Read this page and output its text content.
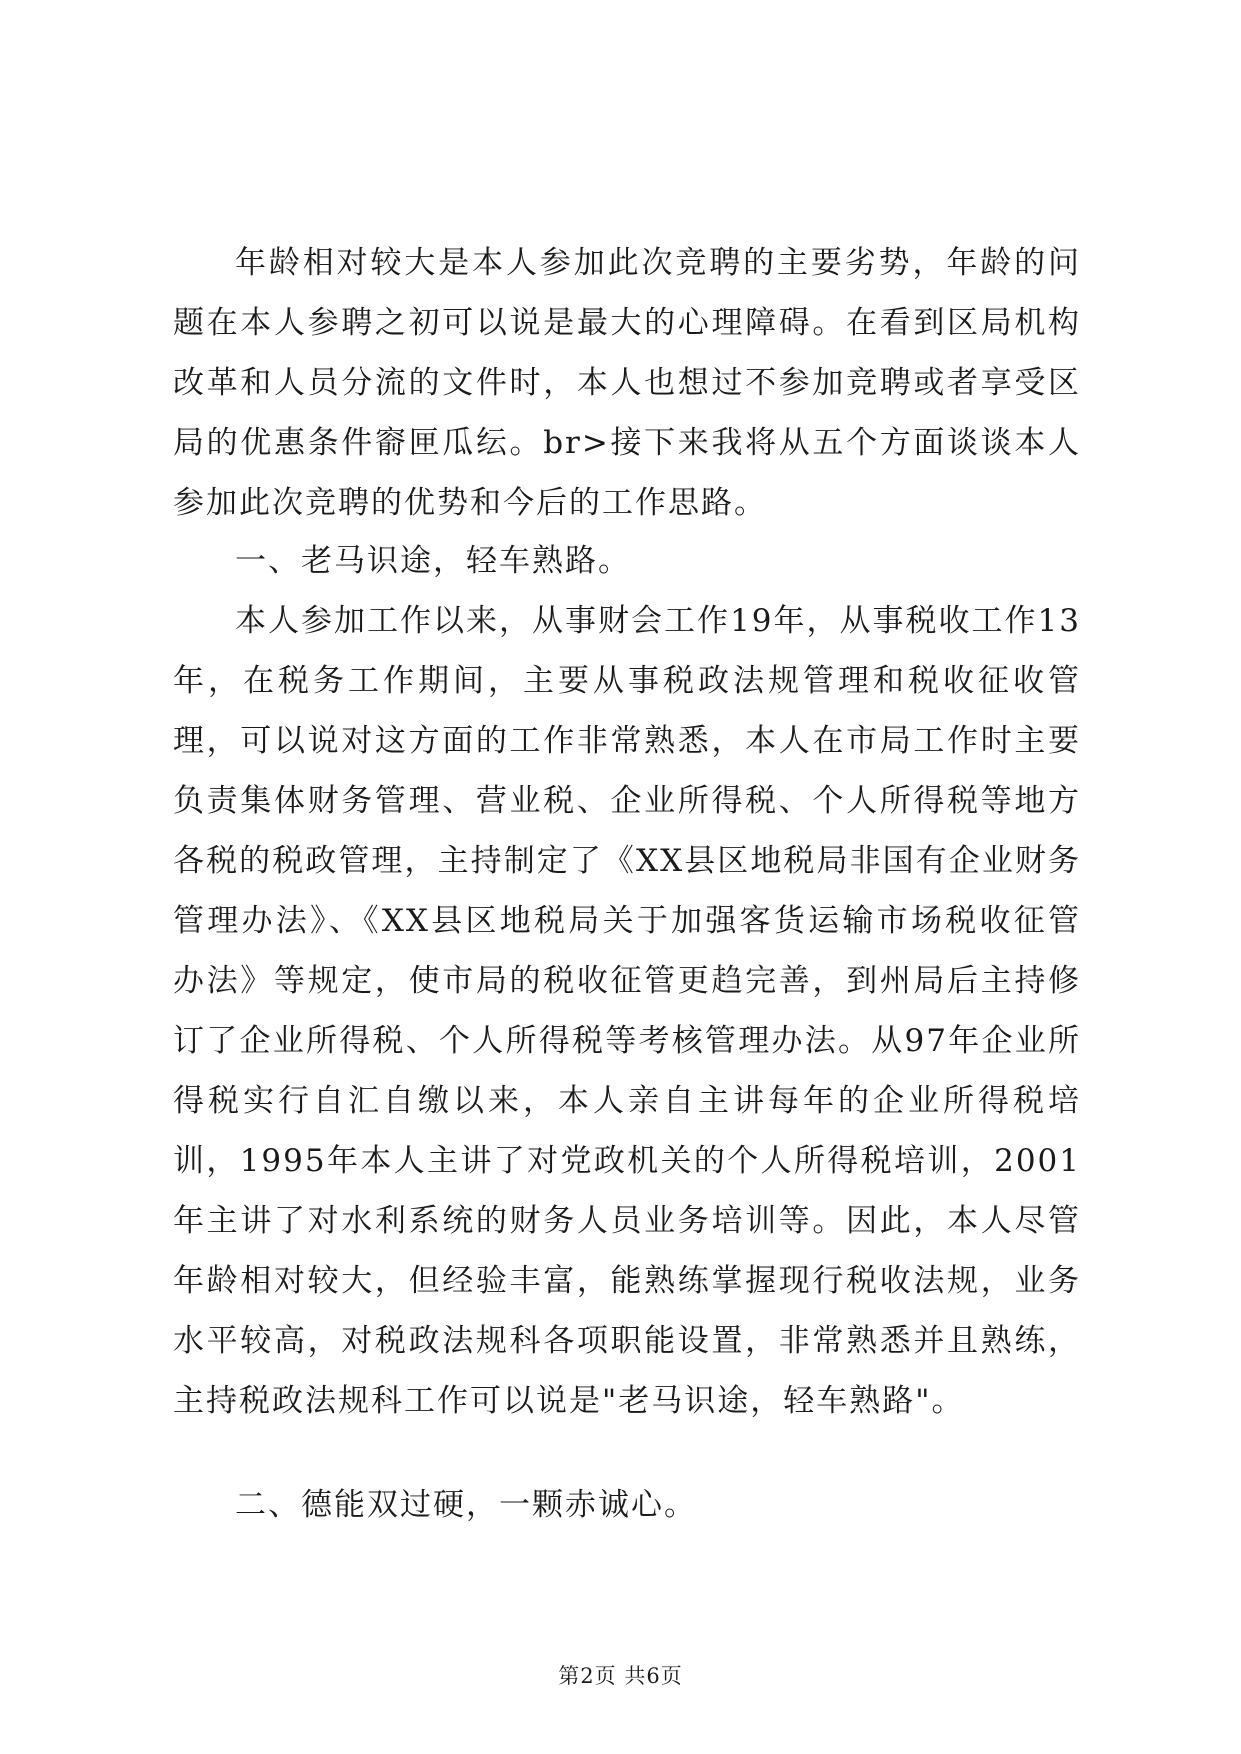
年龄相对较大是本人参加此次竞聘的主要劣势，年龄的问题在本人参聘之初可以说是最大的心理障碍。在看到区局机构改革和人员分流的文件时，本人也想过不参加竞聘或者享受区局的优惠条件窬匣瓜纭。br>接下来我将从五个方面谈谈本人参加此次竞聘的优势和今后的工作思路。

一、老马识途，轻车熟路。

本人参加工作以来，从事财会工作19年，从事税收工作13年，在税务工作期间，主要从事税政法规管理和税收征收管理，可以说对这方面的工作非常熟悉，本人在市局工作时主要负责集体财务管理、营业税、企业所得税、个人所得税等地方各税的税政管理，主持制定了《XX县区地税局非国有企业财务管理办法》、《XX县区地税局关于加强客货运输市场税收征管办法》等规定，使市局的税收征管更趋完善，到州局后主持修订了企业所得税、个人所得税等考核管理办法。从97年企业所得税实行自汇自缴以来，本人亲自主讲每年的企业所得税培训，1995年本人主讲了对党政机关的个人所得税培训，2001年主讲了对水利系统的财务人员业务培训等。因此，本人尽管年龄相对较大，但经验丰富，能熟练掌握现行税收法规，业务水平较高，对税政法规科各项职能设置，非常熟悉并且熟练，主持税政法规科工作可以说是"老马识途，轻车熟路"。

二、德能双过硬，一颗赤诚心。

第2页 共6页
